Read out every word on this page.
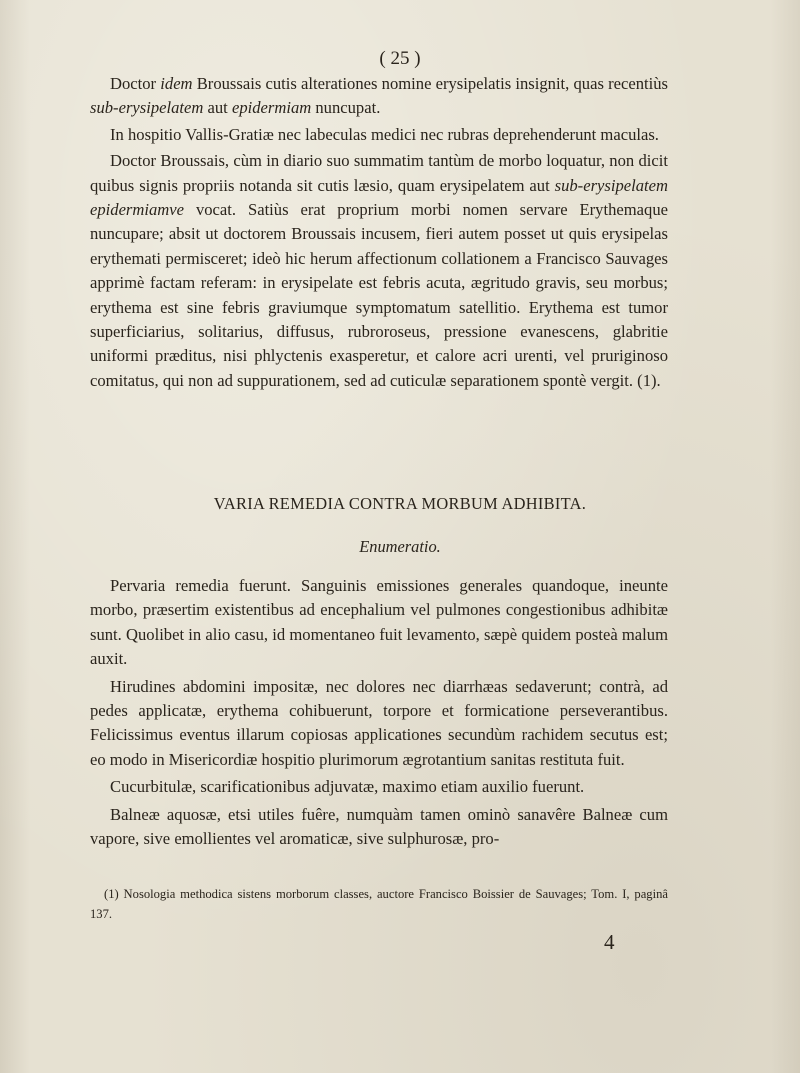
( 25 )

Doctor idem Broussais cutis alterationes nomine erysipelatis insignit, quas recentiùs sub-erysipelatem aut epidermiam nuncupat.

In hospitio Vallis-Gratiæ nec labeculas medici nec rubras deprehenderunt maculas.

Doctor Broussais, cùm in diario suo summatim tantùm de morbo loquatur, non dicit quibus signis propriis notanda sit cutis læsio, quam erysipelatem aut sub-erysipelatem epidermiamve vocat. Satiùs erat proprium morbi nomen servare Erythemaque nuncupare; absit ut doctorem Broussais incusem, fieri autem posset ut quis erysipelas erythemati permisceret; ideò hic herum affectionum collationem a Francisco Sauvages apprimè factam referam: in erysipelate est febris acuta, ægritudo gravis, seu morbus; erythema est sine febris graviumque symptomatum satellitio. Erythema est tumor superficiarius, solitarius, diffusus, rubroroseus, pressione evanescens, glabritie uniformi præditus, nisi phlyctenis exasperetur, et calore acri urenti, vel pruriginoso comitatus, qui non ad suppurationem, sed ad cuticulæ separationem spontè vergit. (1).

VARIA REMEDIA CONTRA MORBUM ADHIBITA.
Enumeratio.

Pervaria remedia fuerunt. Sanguinis emissiones generales quandoque, ineunte morbo, præsertim existentibus ad encephalium vel pulmones congestionibus adhibitæ sunt. Quolibet in alio casu, id momentaneo fuit levamento, sæpè quidem posteà malum auxit.

Hirudines abdomini impositæ, nec dolores nec diarrhæas sedaverunt; contrà, ad pedes applicatæ, erythema cohibuerunt, torpore et formicatione perseverantibus. Felicissimus eventus illarum copiosas applicationes secundùm rachidem secutus est; eo modo in Misericordiæ hospitio plurimorum ægrotantium sanitas restituta fuit.

Cucurbitulæ, scarificationibus adjuvatæ, maximo etiam auxilio fuerunt.

Balneæ aquosæ, etsi utiles fuêre, numquàm tamen ominò sanavêre Balneæ cum vapore, sive emollientes vel aromaticæ, sive sulphurosæ, pro-

(1) Nosologia methodica sistens morborum classes, auctore Francisco Boissier de Sauvages; Tom. I, paginâ 137.

4
